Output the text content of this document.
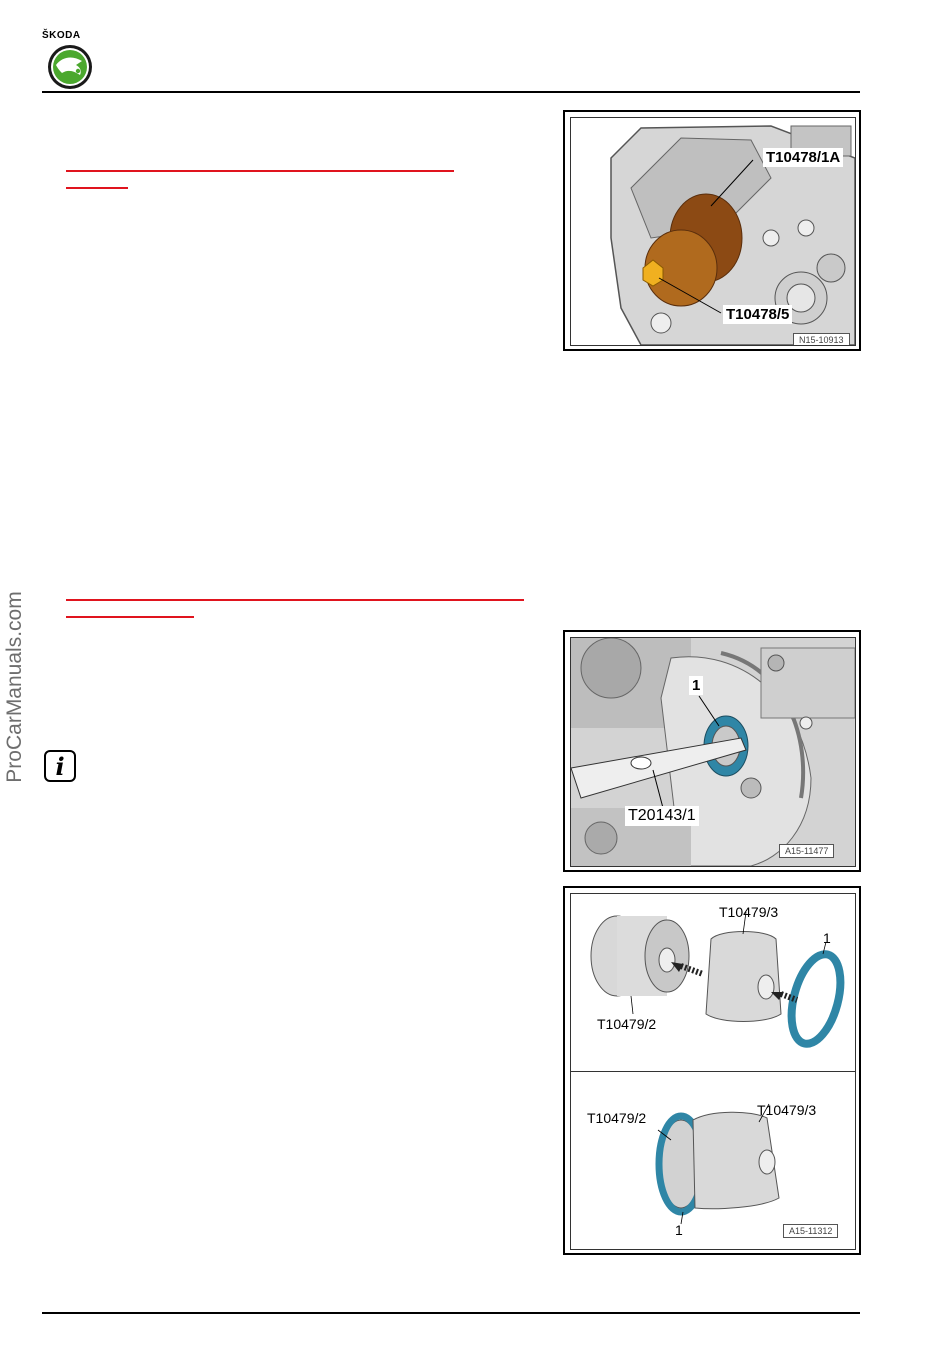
ŠKODA
ProCarManuals.com	i
T10478/1A
T10478/5
N15-10913
1
T20143/1
A15-11477
T10479/3
1
T10479/2
T10479/2	T10479/3
1	A15-11312
